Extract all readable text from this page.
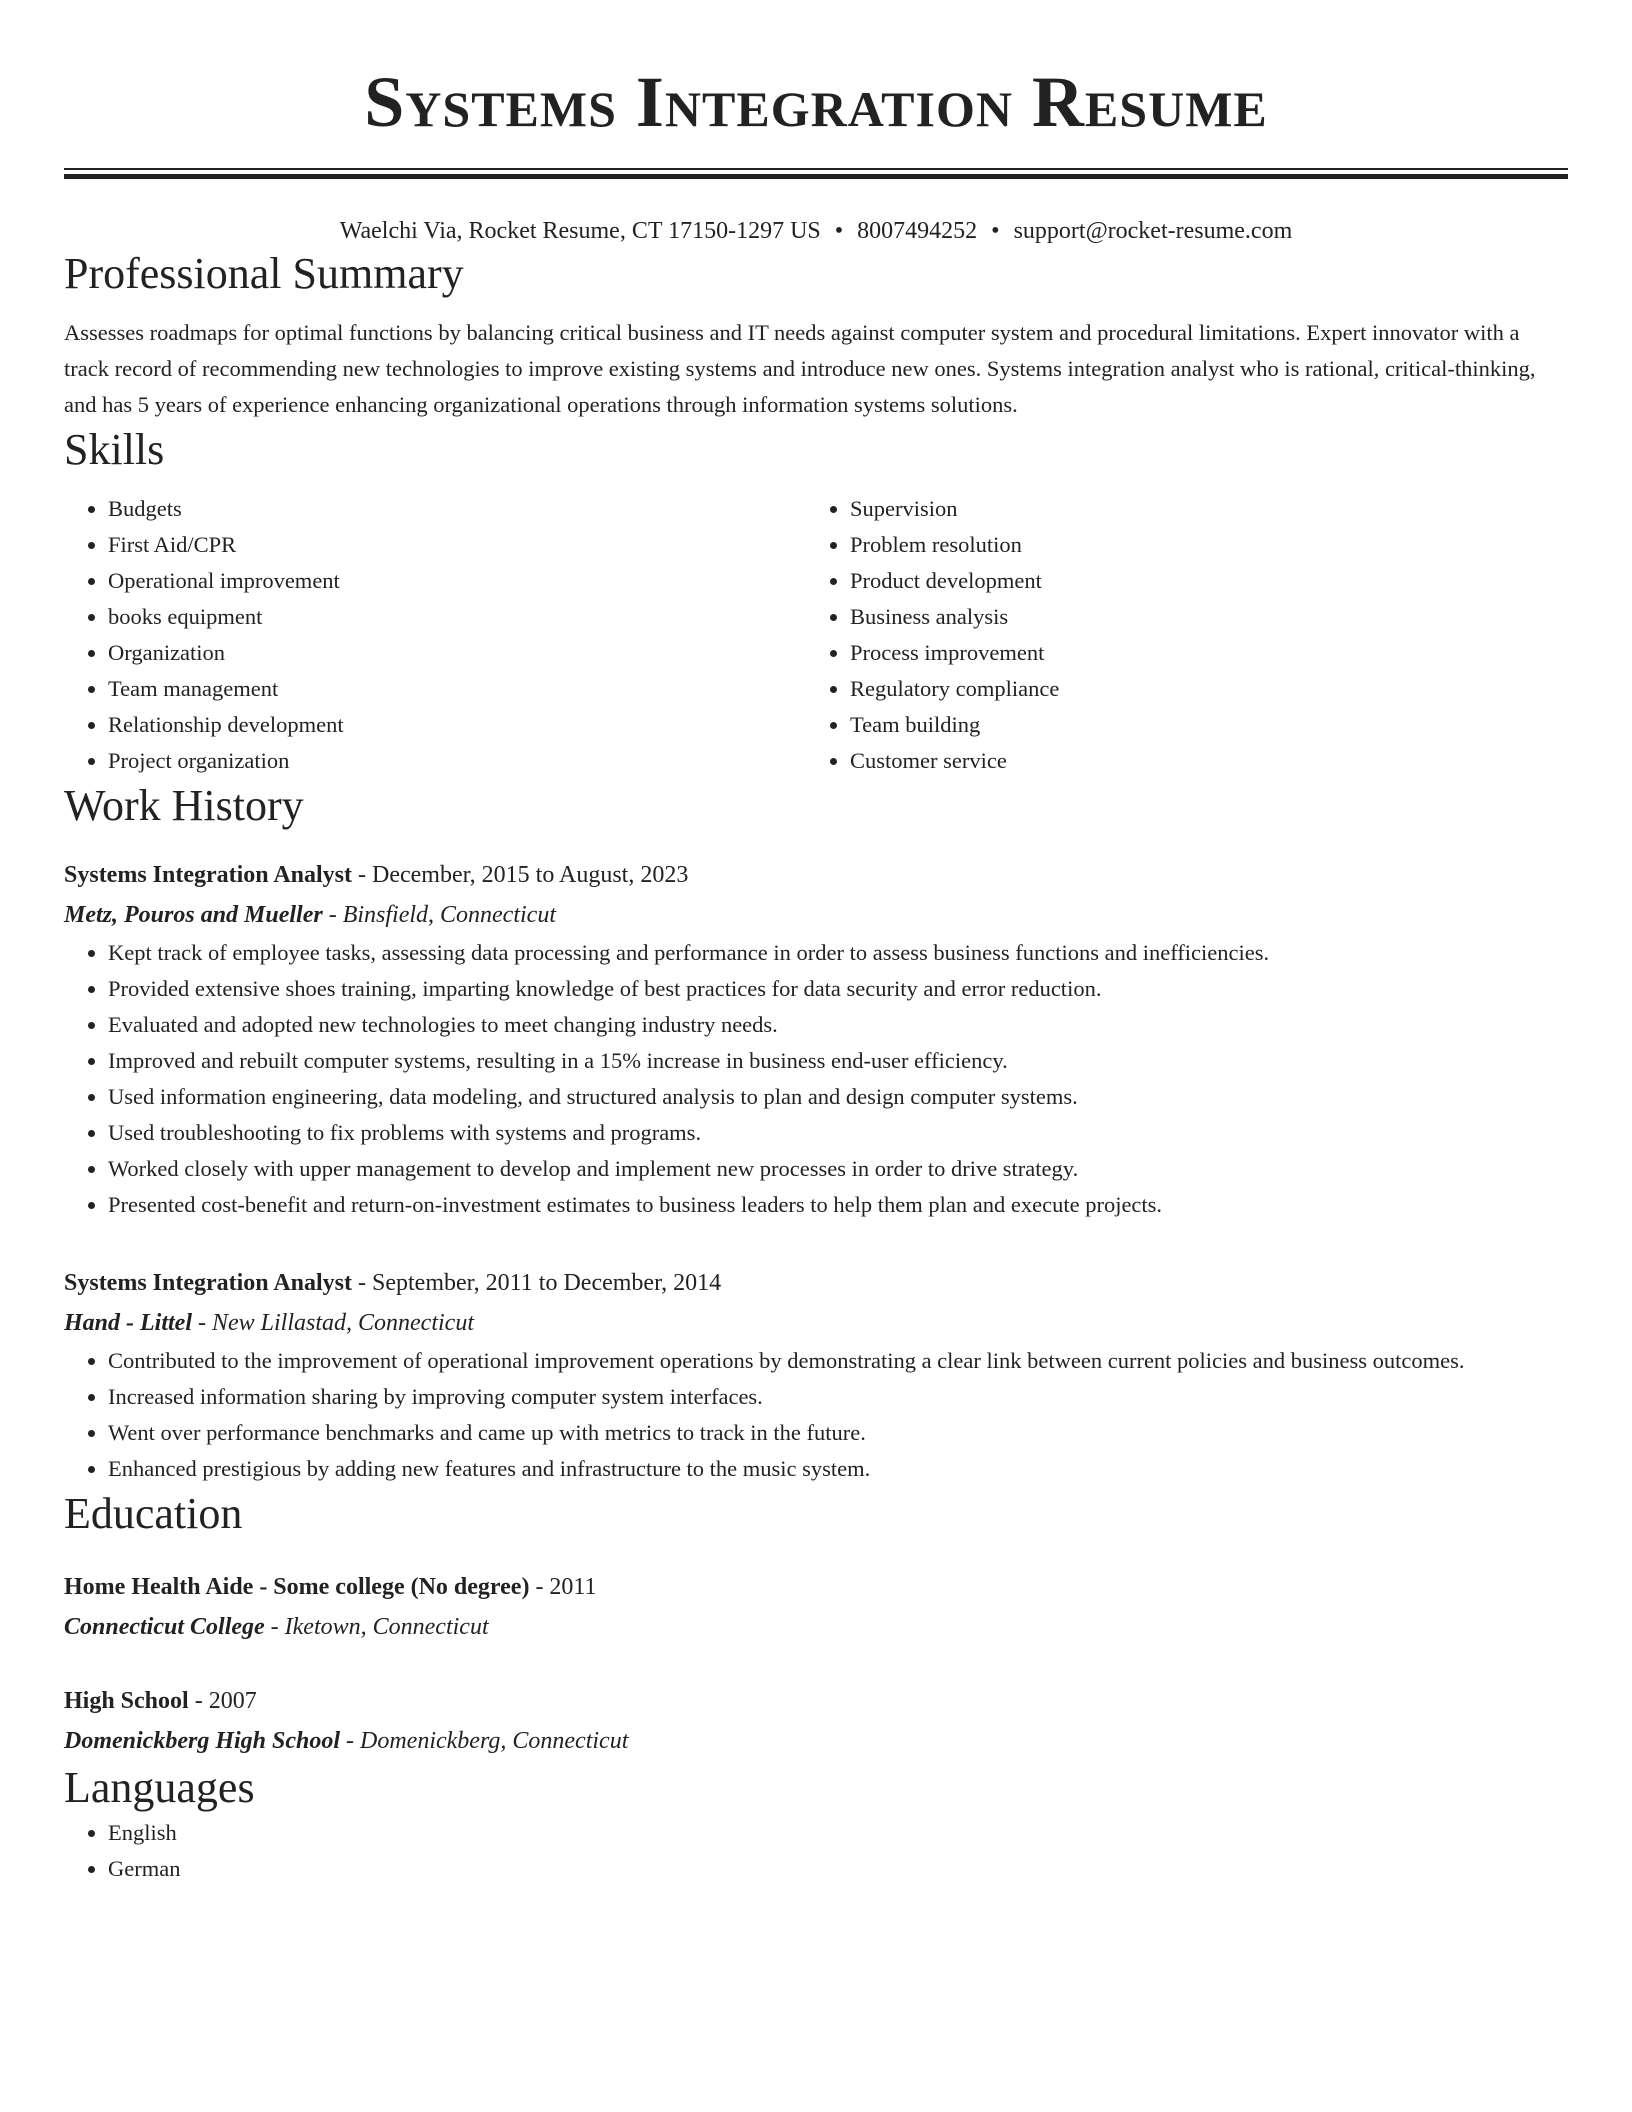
Systems Integration Resume
Waelchi Via, Rocket Resume, CT 17150-1297 US • 8007494252 • support@rocket-resume.com
Professional Summary

Assesses roadmaps for optimal functions by balancing critical business and IT needs against computer system and procedural limitations. Expert innovator with a track record of recommending new technologies to improve existing systems and introduce new ones. Systems integration analyst who is rational, critical-thinking, and has 5 years of experience enhancing organizational operations through information systems solutions.

Skills
• Budgets
• First Aid/CPR
• Operational improvement
• books equipment
• Organization
• Team management
• Relationship development
• Project organization
• Supervision
• Problem resolution
• Product development
• Business analysis
• Process improvement
• Regulatory compliance
• Team building
• Customer service
Work History

Systems Integration Analyst - December, 2015 to August, 2023

Metz, Pouros and Mueller - Binsfield, Connecticut

• Kept track of employee tasks, assessing data processing and performance in order to assess business functions and inefficiencies.
• Provided extensive shoes training, imparting knowledge of best practices for data security and error reduction.
• Evaluated and adopted new technologies to meet changing industry needs.
• Improved and rebuilt computer systems, resulting in a 15% increase in business end-user efficiency.
• Used information engineering, data modeling, and structured analysis to plan and design computer systems.
• Used troubleshooting to fix problems with systems and programs.
• Worked closely with upper management to develop and implement new processes in order to drive strategy.
• Presented cost-benefit and return-on-investment estimates to business leaders to help them plan and execute projects.

Systems Integration Analyst - September, 2011 to December, 2014

Hand - Littel - New Lillastad, Connecticut

• Contributed to the improvement of operational improvement operations by demonstrating a clear link between current policies and business outcomes.
• Increased information sharing by improving computer system interfaces.
• Went over performance benchmarks and came up with metrics to track in the future.
• Enhanced prestigious by adding new features and infrastructure to the music system.
Education

Home Health Aide - Some college (No degree) - 2011

Connecticut College - Iketown, Connecticut

High School - 2007

Domenickberg High School - Domenickberg, Connecticut

Languages
• English
• German
